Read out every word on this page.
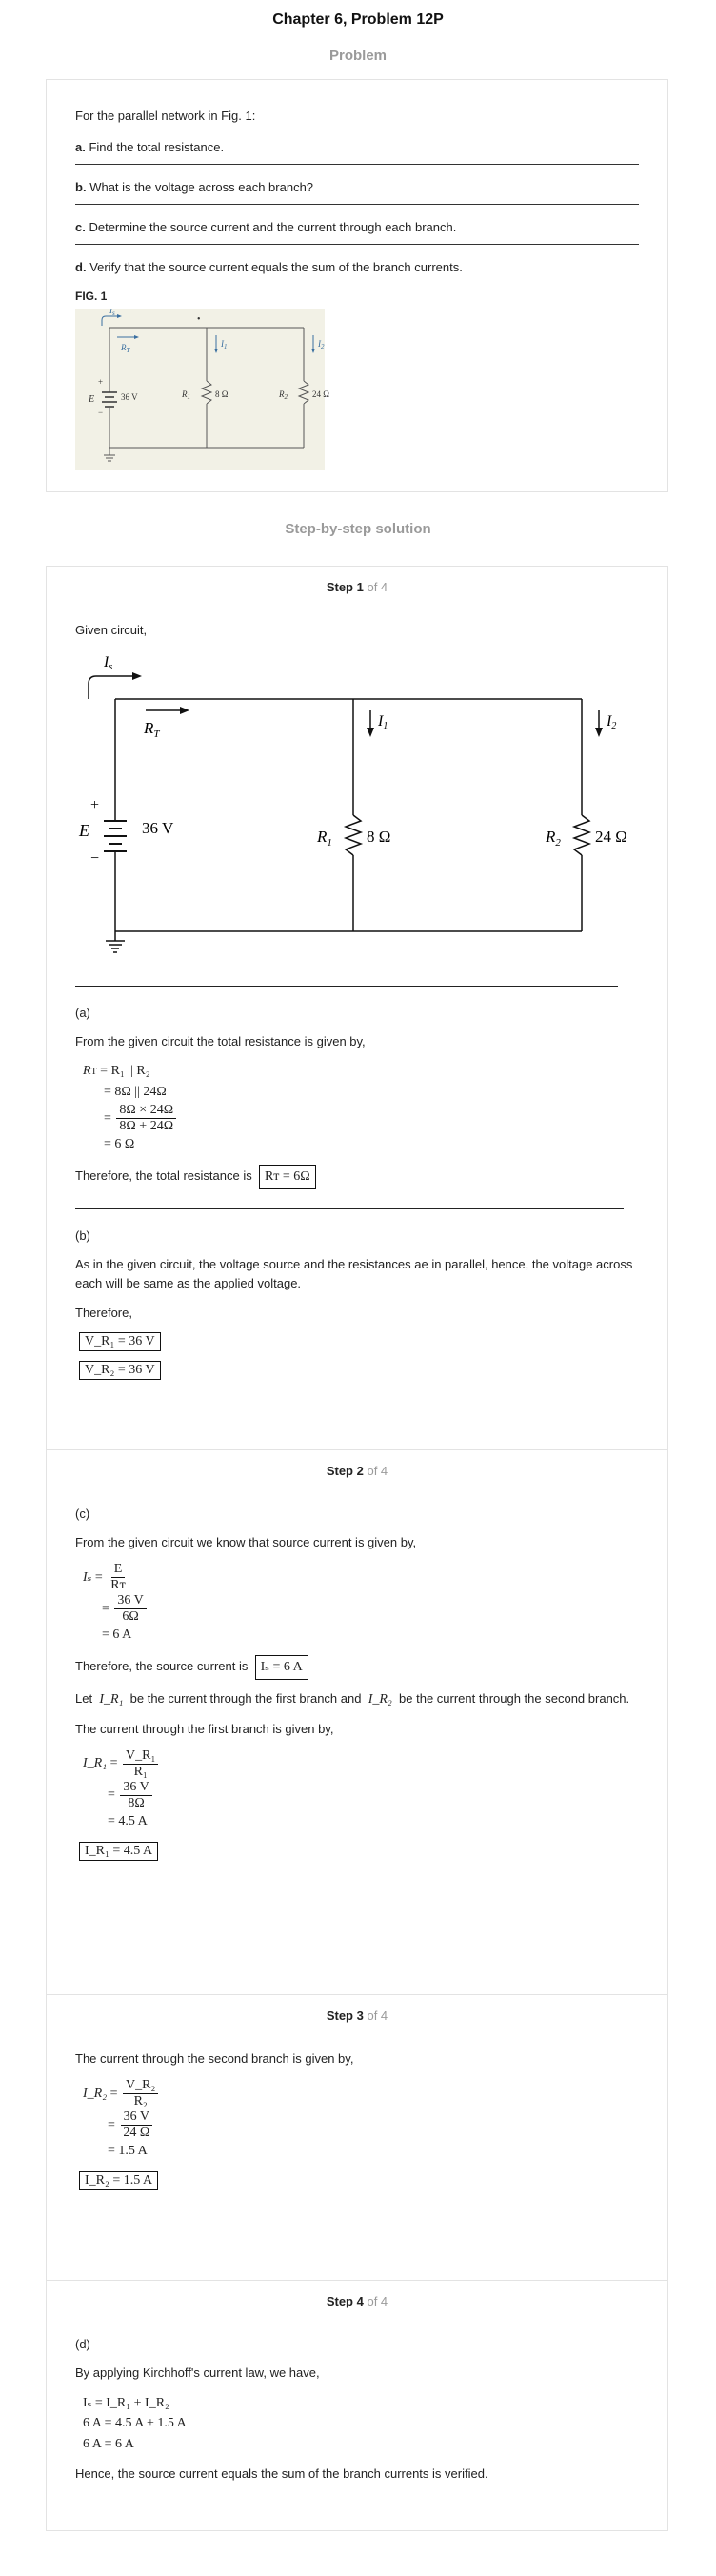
Chapter 6, Problem 12P
Problem

For the parallel network in Fig. 1:

a. Find the total resistance.
b. What is the voltage across each branch?
c. Determine the source current and the current through each branch.
d. Verify that the source current equals the sum of the branch currents.
FIG. 1
$I_s$
•
+
−
E	36 V
$R_T$
$I_1$	$I_2$
$R_1$	8 Ω	$R_2$	24 Ω
Step-by-step solution
Step 1 of 4

Given circuit,

Is
+
−
E	36 V
$R_T$
I1	I2
$R_1$ 8 Ω	$R_2$ 24 Ω

(a)

From the given circuit the total resistance is given by,

R T
= R₁ || R₂
= 8Ω || 24Ω
= $\frac{8\Omega \times 24\Omega}{8\Omega + 24\Omega}$
= 6 Ω

Therefore, the total resistance is Rᴛ = 6Ω

(b)

As in the given circuit, the voltage source and the resistances ae in parallel, hence, the voltage across each will be same as the applied voltage.

Therefore,

V_R₁ = 36 V
V_R₂ = 36 V
Step 2 of 4

(c)

From the given circuit we know that source current is given by,

$I_s = \frac{E}{\text{Rᴛ}}$
= $\frac{36 V}{6\Omega}$
= 6 A

Therefore, the source current is Iₛ = 6 A

Let I_R₁ be the current through the first branch and I_R₂ be the current through the second branch.

The current through the first branch is given by,

I_R₁ = $\frac{\text{V\_R₁}}{\text{R₁}}$
= $\frac{36 V}{8\Omega}$
= 4.5 A
I_R₁ = 4.5 A
Step 3 of 4

The current through the second branch is given by,

I_R₂ = $\frac{\text{V\_R₂}}{\text{R₂}}$
= $\frac{36 V}{24 \Omega}$
= 1.5 A
I_R₂ = 1.5 A
Step 4 of 4

(d)

By applying Kirchhoff's current law, we have,

Iₛ = I_R₁ + I_R₂
6 A = 4.5 A + 1.5 A
6 A = 6 A

Hence, the source current equals the sum of the branch currents is verified.
